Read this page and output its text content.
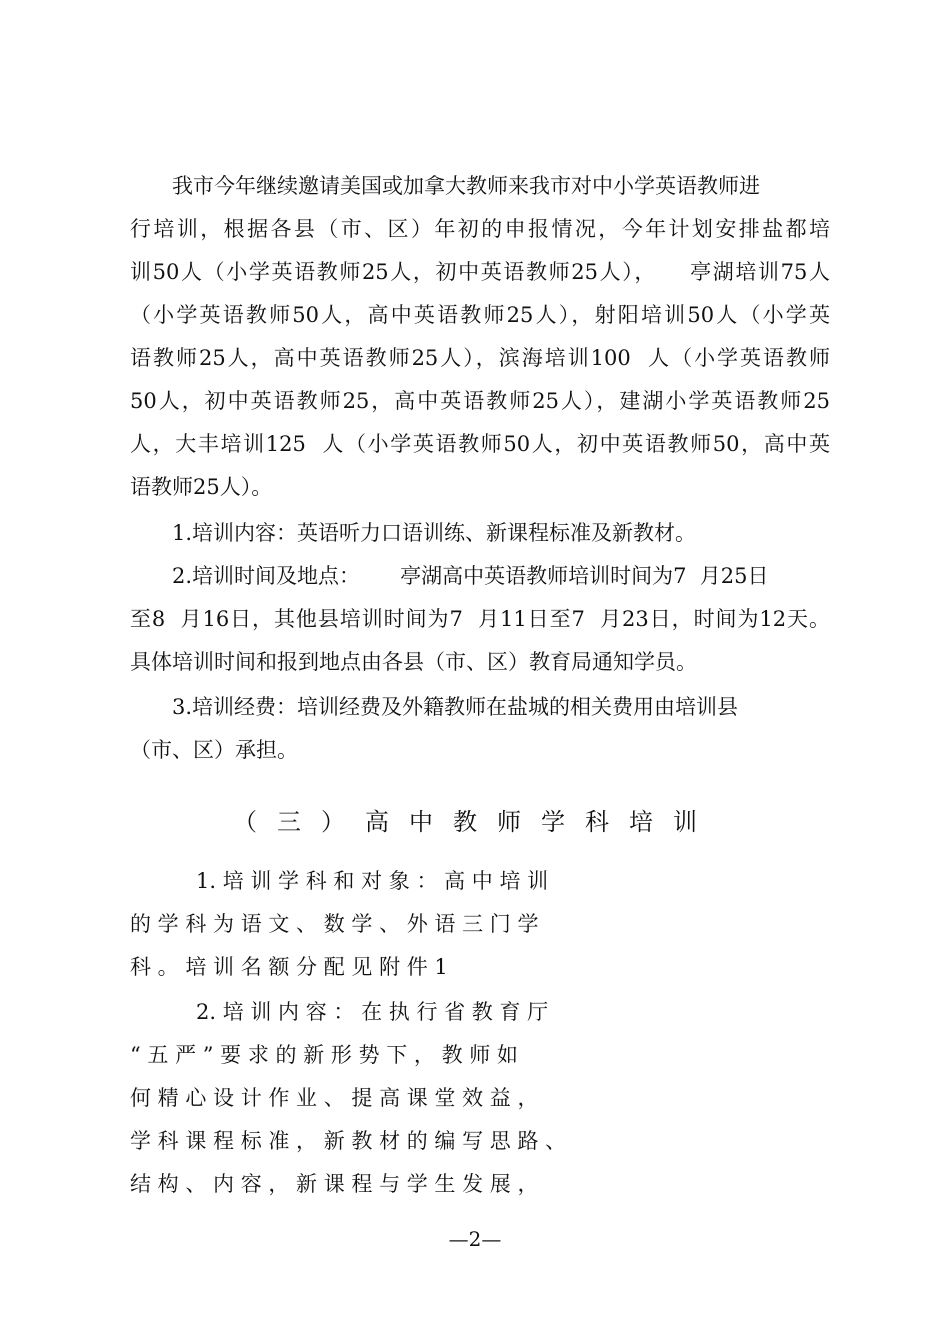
我市今年继续邀请美国或加拿大教师来我市对中小学英语教师进
行培训，根据各县（市、区）年初的申报情况，今年计划安排盐都培
训50人（小学英语教师25人，初中英语教师25人），    亭湖培训75人
（小学英语教师50人，高中英语教师25人），射阳培训50人（小学英
语教师25人，高中英语教师25人），滨海培训100  人（小学英语教师
50人，初中英语教师25，高中英语教师25人），建湖小学英语教师25
人，大丰培训125  人（小学英语教师50人，初中英语教师50，高中英
语教师25人）。
1.培训内容：英语听力口语训练、新课程标准及新教材。
2.培训时间及地点：      亭湖高中英语教师培训时间为7  月25日
至8  月16日，其他县培训时间为7  月11日至7  月23日，时间为12天。
具体培训时间和报到地点由各县（市、区）教育局通知学员。
3.培训经费：培训经费及外籍教师在盐城的相关费用由培训县
（市、区）承担。
（三）高中教师学科培训
1. 培 训 学 科 和 对 象 ： 高 中 培 训
的 学 科 为 语 文 、 数 学 、 外 语 三 门 学
科 。 培 训 名 额 分 配 见 附 件 1
2. 培 训 内 容 ： 在 执 行 省 教 育 厅
“ 五 严 ” 要 求 的 新 形 势 下 ， 教 师 如
何 精 心 设 计 作 业 、 提 高 课 堂 效 益 ，
学 科 课 程 标 准 ， 新 教 材 的 编 写 思 路 、
结 构 、 内 容 ， 新 课 程 与 学 生 发 展 ，
—2—
